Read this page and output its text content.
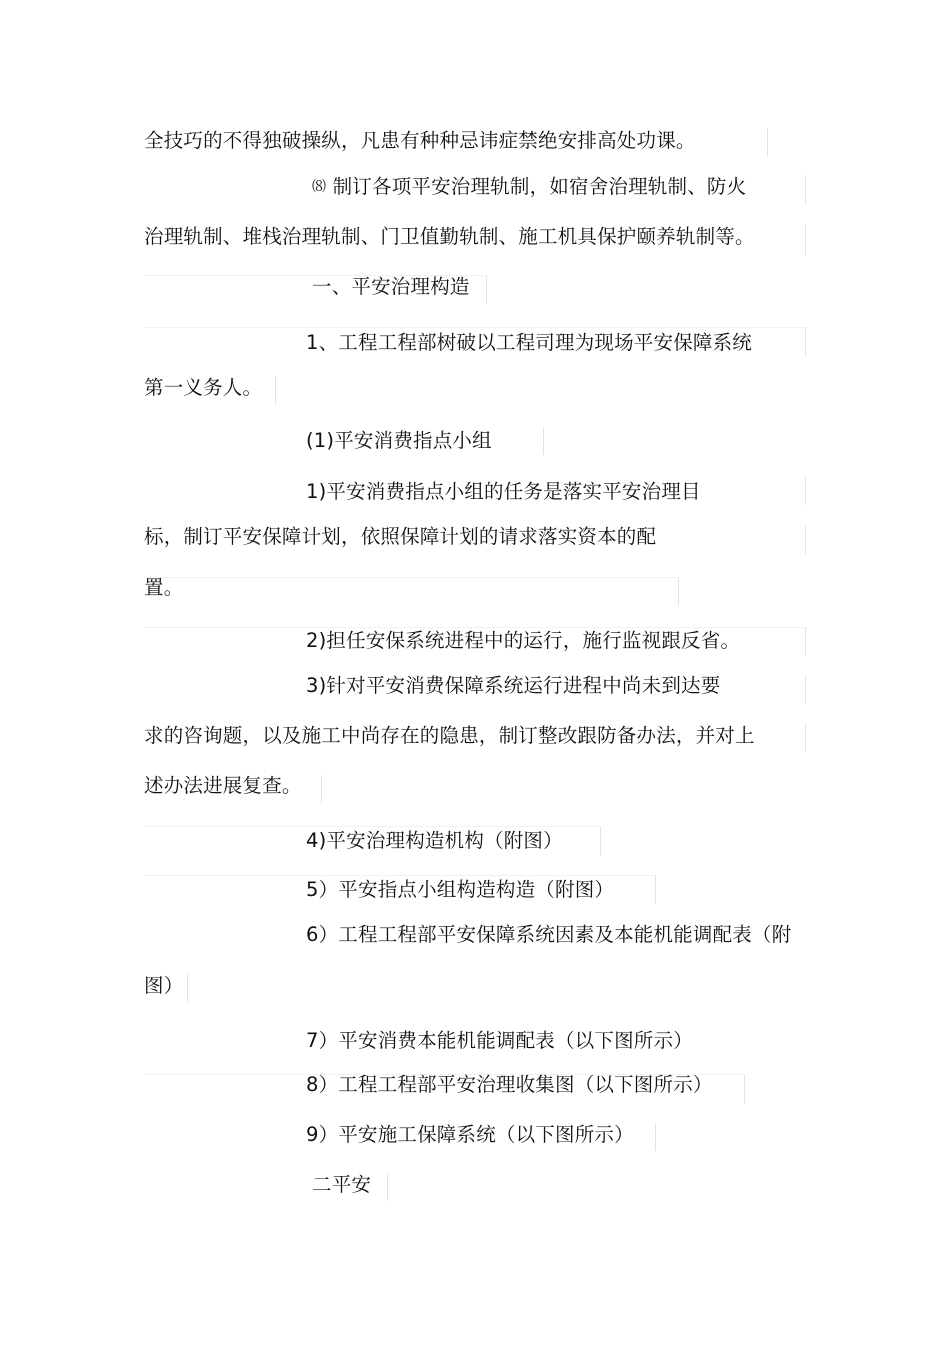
全技巧的不得独破操纵，凡患有种种忌讳症禁绝安排高处功课。
⑻ 制订各项平安治理轨制，如宿舍治理轨制、防火
治理轨制、堆栈治理轨制、门卫值勤轨制、施工机具保护颐养轨制等。
一、平安治理构造
1、工程工程部树破以工程司理为现场平安保障系统
第一义务人。
(1)平安消费指点小组
1)平安消费指点小组的任务是落实平安治理目
标，制订平安保障计划，依照保障计划的请求落实资本的配
置。
2)担任安保系统进程中的运行，施行监视跟反省。
3)针对平安消费保障系统运行进程中尚未到达要
求的咨询题，以及施工中尚存在的隐患，制订整改跟防备办法，并对上
述办法进展复查。
4)平安治理构造机构（附图）
5）平安指点小组构造构造（附图）
6）工程工程部平安保障系统因素及本能机能调配表（附
图）
7）平安消费本能机能调配表（以下图所示）
8）工程工程部平安治理收集图（以下图所示）
9）平安施工保障系统（以下图所示）
二平安
